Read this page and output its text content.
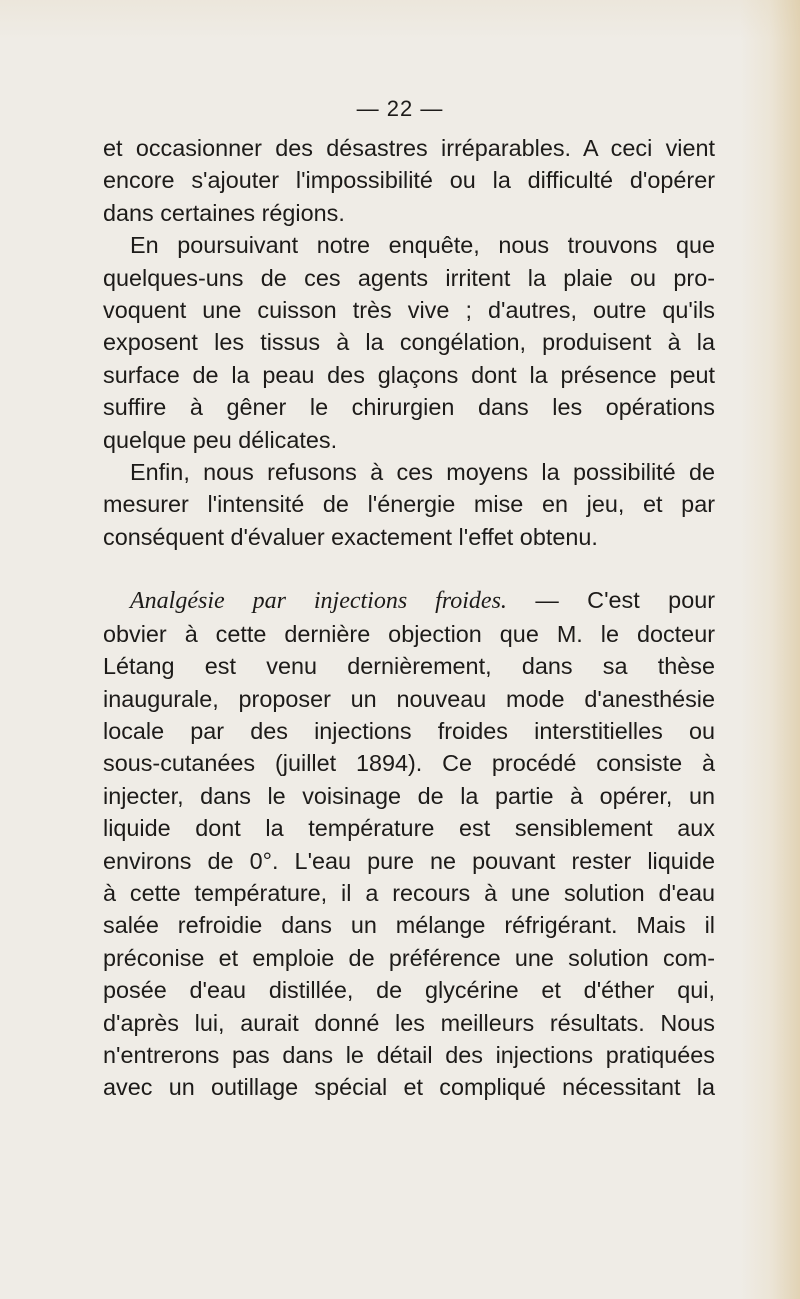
— 22 —
et occasionner des désastres irréparables. A ceci vient
encore s'ajouter l'impossibilité ou la difficulté d'opérer
dans certaines régions.
En poursuivant notre enquête, nous trouvons que
quelques-uns de ces agents irritent la plaie ou pro-
voquent une cuisson très vive ; d'autres, outre qu'ils
exposent les tissus à la congélation, produisent à la
surface de la peau des glaçons dont la présence peut
suffire à gêner le chirurgien dans les opérations
quelque peu délicates.
Enfin, nous refusons à ces moyens la possibilité de
mesurer l'intensité de l'énergie mise en jeu, et par
conséquent d'évaluer exactement l'effet obtenu.
Analgésie par injections froides. — C'est pour
obvier à cette dernière objection que M. le docteur
Létang est venu dernièrement, dans sa thèse
inaugurale, proposer un nouveau mode d'anesthésie
locale par des injections froides interstitielles ou
sous-cutanées (juillet 1894). Ce procédé consiste à
injecter, dans le voisinage de la partie à opérer, un
liquide dont la température est sensiblement aux
environs de 0°. L'eau pure ne pouvant rester liquide
à cette température, il a recours à une solution d'eau
salée refroidie dans un mélange réfrigérant. Mais il
préconise et emploie de préférence une solution com-
posée d'eau distillée, de glycérine et d'éther qui,
d'après lui, aurait donné les meilleurs résultats. Nous
n'entrerons pas dans le détail des injections pratiquées
avec un outillage spécial et compliqué nécessitant la
